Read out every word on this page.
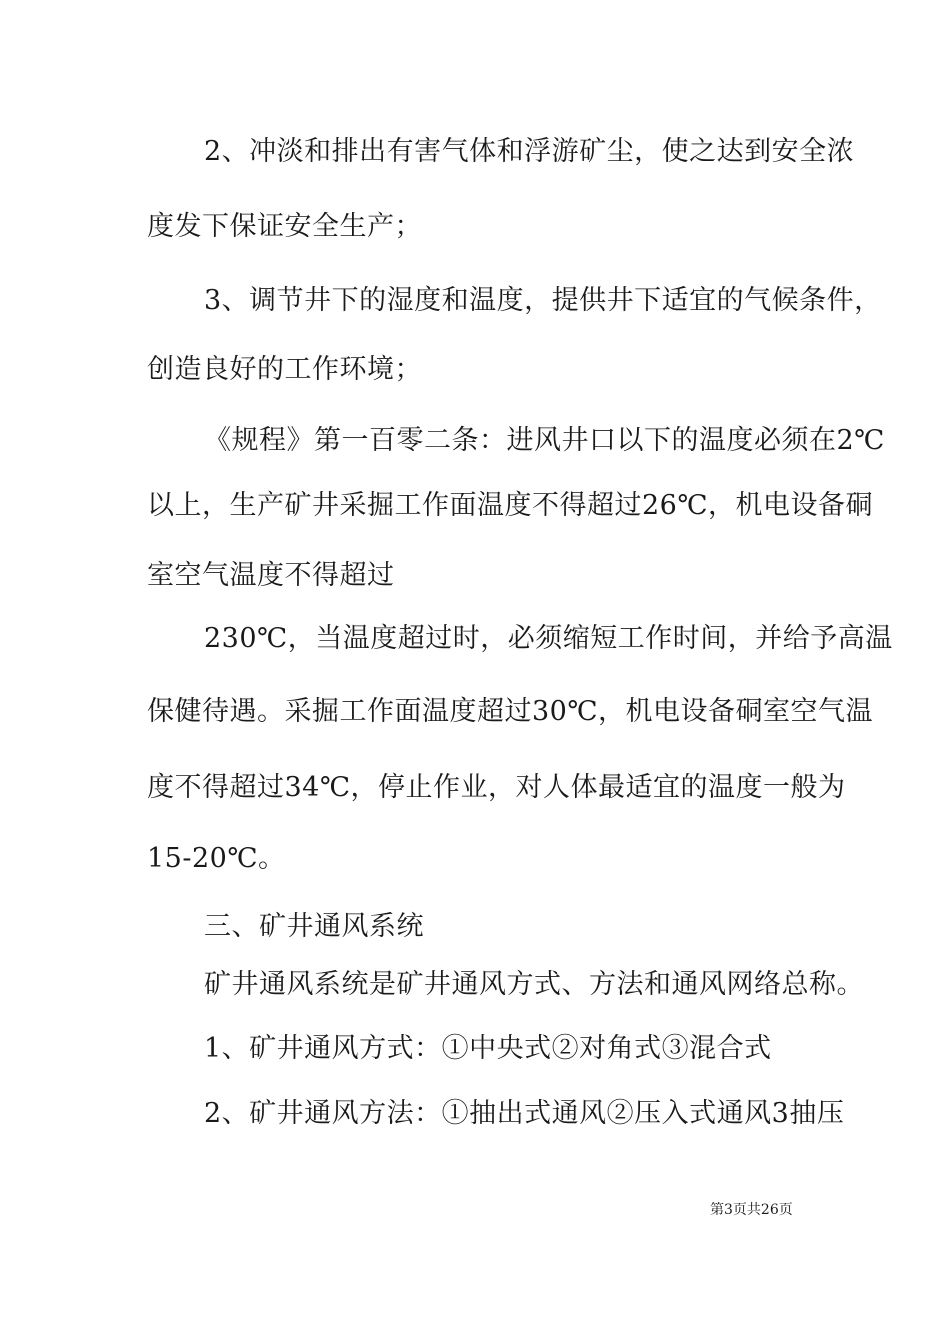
2、冲淡和排出有害气体和浮游矿尘，使之达到安全浓
度发下保证安全生产；
3、调节井下的湿度和温度，提供井下适宜的气候条件，
创造良好的工作环境；
《规程》第一百零二条：进风井口以下的温度必须在2℃
以上，生产矿井采掘工作面温度不得超过26℃，机电设备硐
室空气温度不得超过
230℃，当温度超过时，必须缩短工作时间，并给予高温
保健待遇。采掘工作面温度超过30℃，机电设备硐室空气温
度不得超过34℃，停止作业，对人体最适宜的温度一般为
15-20℃。
三、矿井通风系统
矿井通风系统是矿井通风方式、方法和通风网络总称。
1、矿井通风方式：①中央式②对角式③混合式
2、矿井通风方法：①抽出式通风②压入式通风3抽压
第3页共26页
